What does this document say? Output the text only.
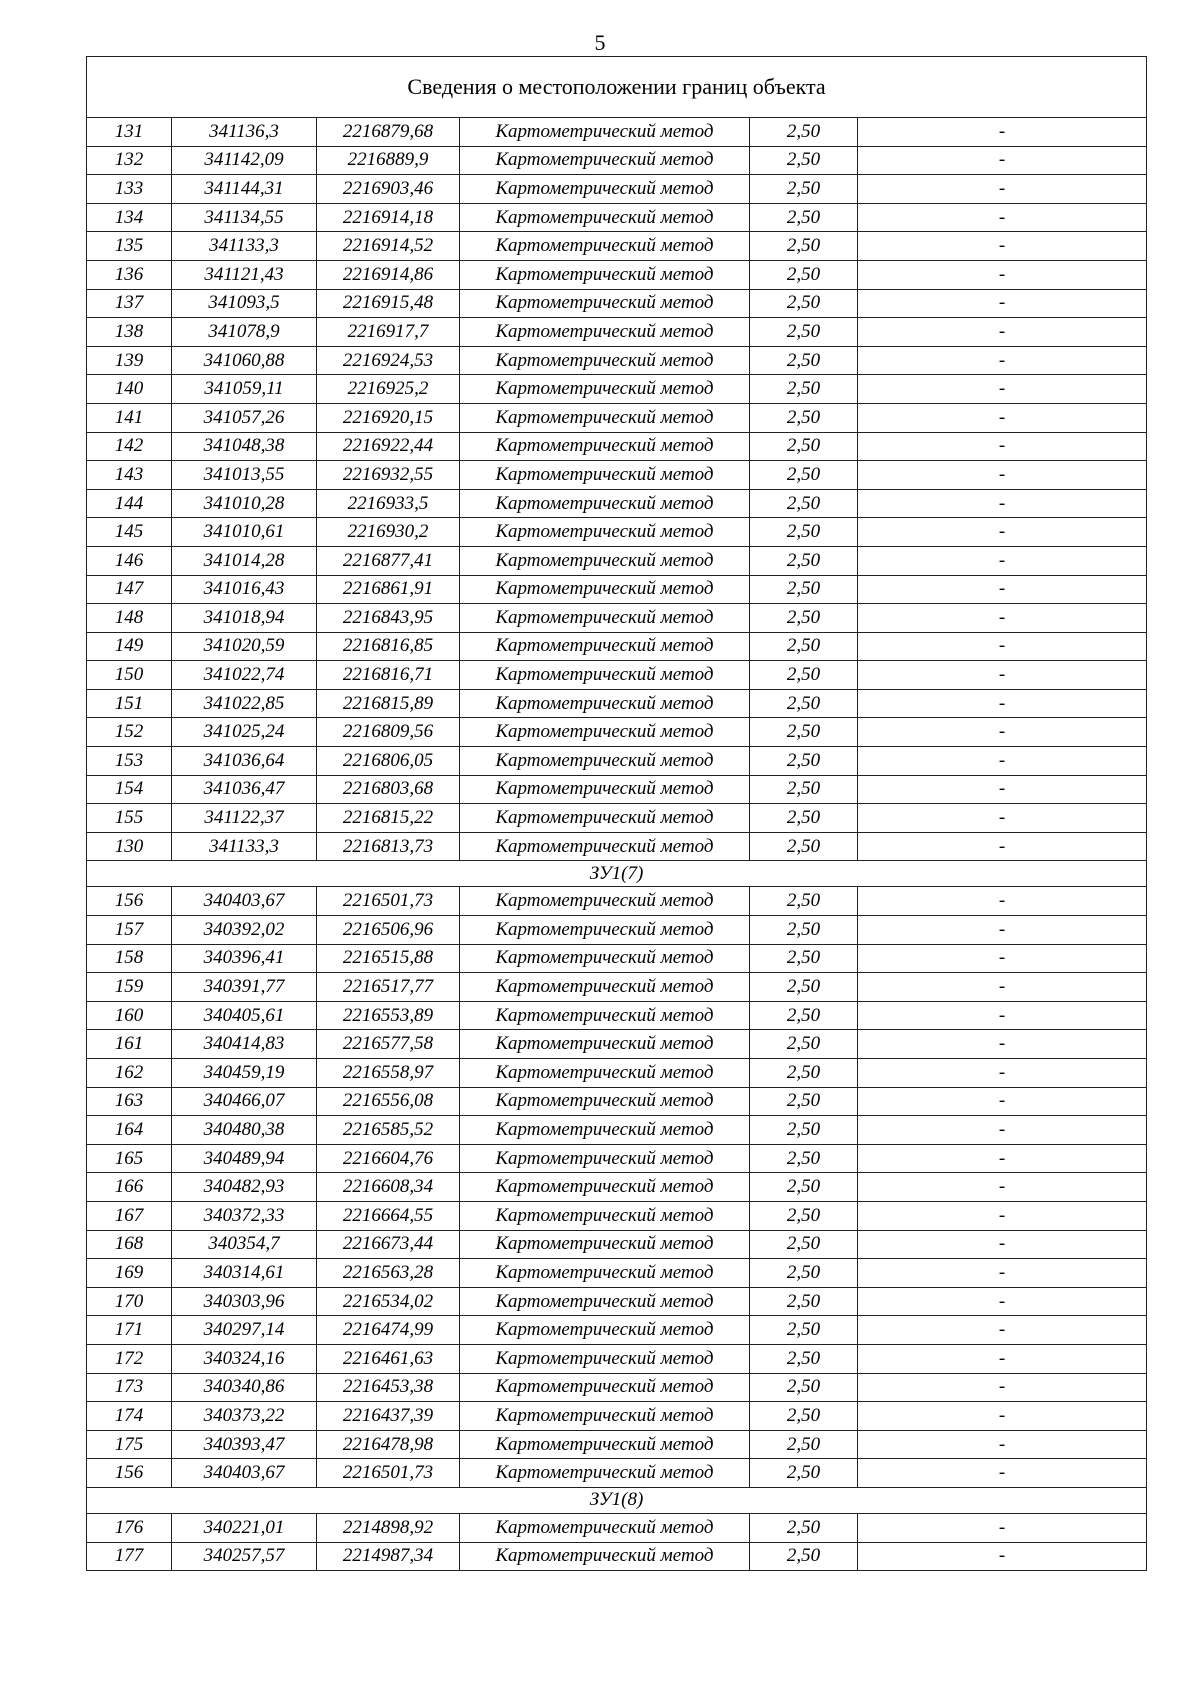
5
Сведения о местоположении границ объекта					
131	341136,3	2216879,68	Картометрический метод	2,50	-
132	341142,09	2216889,9	Картометрический метод	2,50	-
133	341144,31	2216903,46	Картометрический метод	2,50	-
134	341134,55	2216914,18	Картометрический метод	2,50	-
135	341133,3	2216914,52	Картометрический метод	2,50	-
136	341121,43	2216914,86	Картометрический метод	2,50	-
137	341093,5	2216915,48	Картометрический метод	2,50	-
138	341078,9	2216917,7	Картометрический метод	2,50	-
139	341060,88	2216924,53	Картометрический метод	2,50	-
140	341059,11	2216925,2	Картометрический метод	2,50	-
141	341057,26	2216920,15	Картометрический метод	2,50	-
142	341048,38	2216922,44	Картометрический метод	2,50	-
143	341013,55	2216932,55	Картометрический метод	2,50	-
144	341010,28	2216933,5	Картометрический метод	2,50	-
145	341010,61	2216930,2	Картометрический метод	2,50	-
146	341014,28	2216877,41	Картометрический метод	2,50	-
147	341016,43	2216861,91	Картометрический метод	2,50	-
148	341018,94	2216843,95	Картометрический метод	2,50	-
149	341020,59	2216816,85	Картометрический метод	2,50	-
150	341022,74	2216816,71	Картометрический метод	2,50	-
151	341022,85	2216815,89	Картометрический метод	2,50	-
152	341025,24	2216809,56	Картометрический метод	2,50	-
153	341036,64	2216806,05	Картометрический метод	2,50	-
154	341036,47	2216803,68	Картометрический метод	2,50	-
155	341122,37	2216815,22	Картометрический метод	2,50	-
130	341133,3	2216813,73	Картометрический метод	2,50	-
ЗУ1(7)					
156	340403,67	2216501,73	Картометрический метод	2,50	-
157	340392,02	2216506,96	Картометрический метод	2,50	-
158	340396,41	2216515,88	Картометрический метод	2,50	-
159	340391,77	2216517,77	Картометрический метод	2,50	-
160	340405,61	2216553,89	Картометрический метод	2,50	-
161	340414,83	2216577,58	Картометрический метод	2,50	-
162	340459,19	2216558,97	Картометрический метод	2,50	-
163	340466,07	2216556,08	Картометрический метод	2,50	-
164	340480,38	2216585,52	Картометрический метод	2,50	-
165	340489,94	2216604,76	Картометрический метод	2,50	-
166	340482,93	2216608,34	Картометрический метод	2,50	-
167	340372,33	2216664,55	Картометрический метод	2,50	-
168	340354,7	2216673,44	Картометрический метод	2,50	-
169	340314,61	2216563,28	Картометрический метод	2,50	-
170	340303,96	2216534,02	Картометрический метод	2,50	-
171	340297,14	2216474,99	Картометрический метод	2,50	-
172	340324,16	2216461,63	Картометрический метод	2,50	-
173	340340,86	2216453,38	Картометрический метод	2,50	-
174	340373,22	2216437,39	Картометрический метод	2,50	-
175	340393,47	2216478,98	Картометрический метод	2,50	-
156	340403,67	2216501,73	Картометрический метод	2,50	-
ЗУ1(8)					
176	340221,01	2214898,92	Картометрический метод	2,50	-
177	340257,57	2214987,34	Картометрический метод	2,50	-
